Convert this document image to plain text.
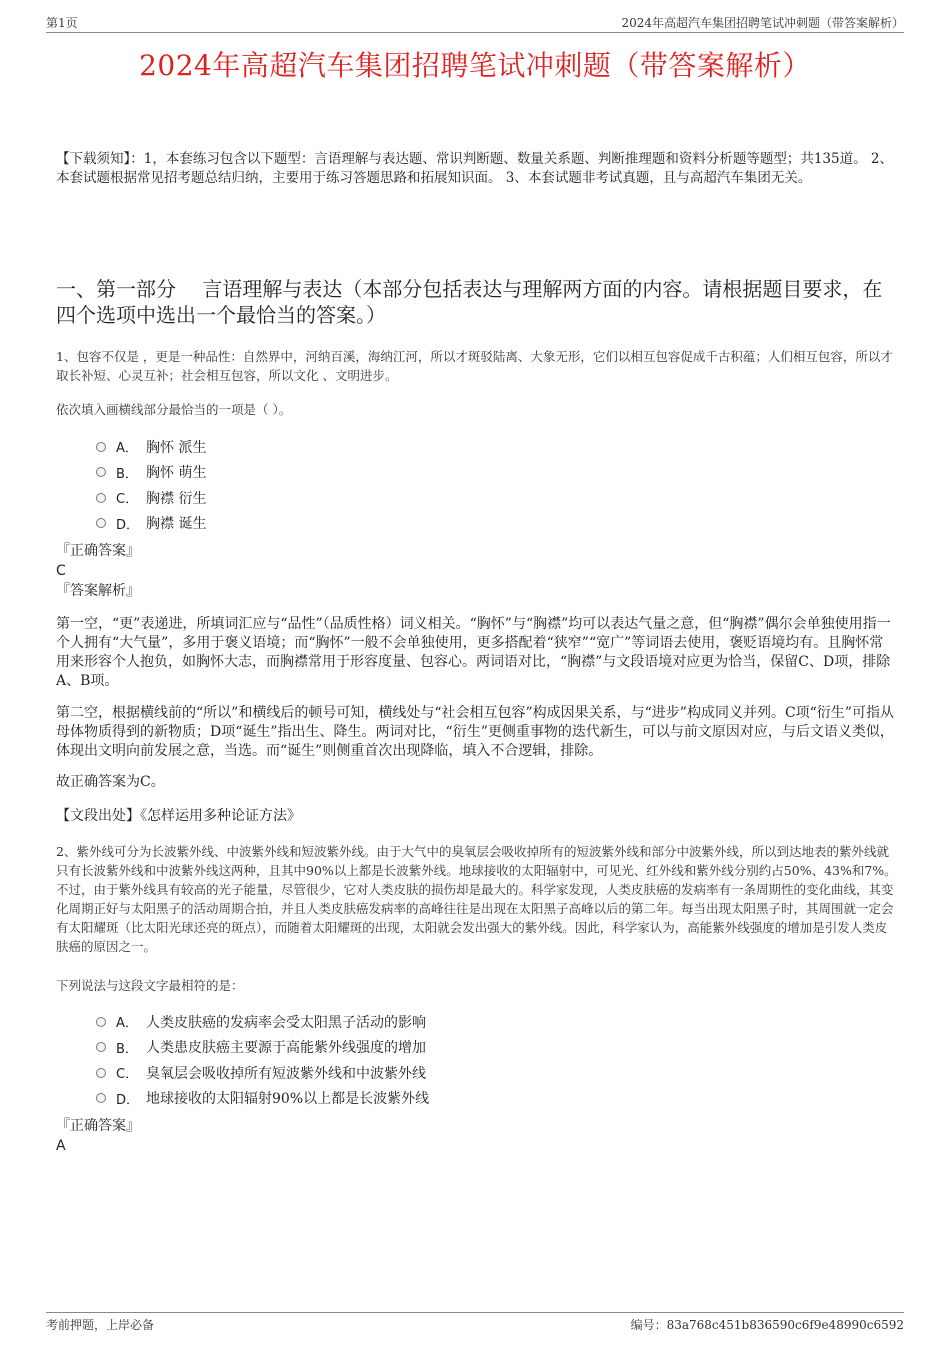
第1页	2024年高超汽车集团招聘笔试冲刺题（带答案解析）
2024年高超汽车集团招聘笔试冲刺题（带答案解析）
【下载须知】：1，本套练习包含以下题型：言语理解与表达题、常识判断题、数量关系题、判断推理题和资料分析题等题型；共135道。 2、本套试题根据常见招考题总结归纳，主要用于练习答题思路和拓展知识面。 3、本套试题非考试真题，且与高超汽车集团无关。
一、第一部分　 言语理解与表达（本部分包括表达与理解两方面的内容。请根据题目要求，在四个选项中选出一个最恰当的答案。）
1、包容不仅是 ，更是一种品性：自然界中，河纳百溪，海纳江河，所以才斑驳陆离、大象无形，它们以相互包容促成千古积蕴；人们相互包容，所以才取长补短、心灵互补；社会相互包容，所以文化 、文明进步。
依次填入画横线部分最恰当的一项是（ ）。
A． 胸怀 派生
B． 胸怀 萌生
C． 胸襟 衍生
D． 胸襟 诞生
『正确答案』
C
『答案解析』
第一空，“更”表递进，所填词汇应与“品性”（品质性格）词义相关。“胸怀”与“胸襟”均可以表达气量之意，但“胸襟”偶尔会单独使用指一个人拥有“大气量”，多用于褒义语境；而“胸怀”一般不会单独使用，更多搭配着“狭窄”“宽广”等词语去使用，褒贬语境均有。且胸怀常用来形容个人抱负，如胸怀大志，而胸襟常用于形容度量、包容心。两词语对比，“胸襟”与文段语境对应更为恰当，保留C、D项，排除A、B项。
第二空，根据横线前的“所以”和横线后的顿号可知，横线处与“社会相互包容”构成因果关系，与“进步”构成同义并列。C项“衍生”可指从母体物质得到的新物质；D项“诞生”指出生、降生。两词对比，“衍生”更侧重事物的迭代新生，可以与前文原因对应，与后文语义类似，体现出文明向前发展之意，当选。而“诞生”则侧重首次出现降临，填入不合逻辑，排除。
故正确答案为C。
【文段出处】《怎样运用多种论证方法》
2、紫外线可分为长波紫外线、中波紫外线和短波紫外线。由于大气中的臭氧层会吸收掉所有的短波紫外线和部分中波紫外线，所以到达地表的紫外线就只有长波紫外线和中波紫外线这两种，且其中90%以上都是长波紫外线。地球接收的太阳辐射中，可见光、红外线和紫外线分别约占50%、43%和7%。不过，由于紫外线具有较高的光子能量，尽管很少，它对人类皮肤的损伤却是最大的。科学家发现，人类皮肤癌的发病率有一条周期性的变化曲线，其变化周期正好与太阳黑子的活动周期合拍，并且人类皮肤癌发病率的高峰往往是出现在太阳黑子高峰以后的第二年。每当出现太阳黑子时，其周围就一定会有太阳耀斑（比太阳光球还亮的斑点），而随着太阳耀斑的出现，太阳就会发出强大的紫外线。因此，科学家认为，高能紫外线强度的增加是引发人类皮肤癌的原因之一。
下列说法与这段文字最相符的是：
A． 人类皮肤癌的发病率会受太阳黑子活动的影响
B． 人类患皮肤癌主要源于高能紫外线强度的增加
C． 臭氧层会吸收掉所有短波紫外线和中波紫外线
D． 地球接收的太阳辐射90%以上都是长波紫外线
『正确答案』
A
考前押题，上岸必备	编号：83a768c451b836590c6f9e48990c6592
